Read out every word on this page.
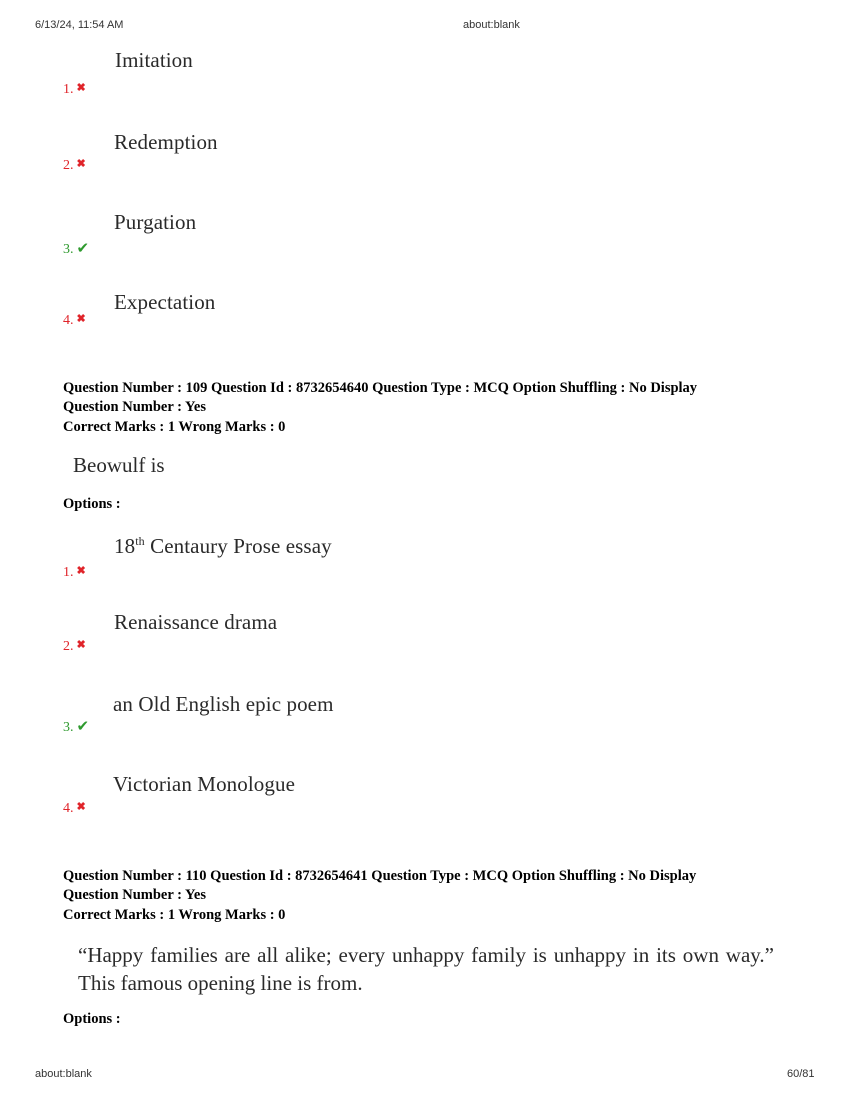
6/13/24, 11:54 AM	about:blank
Imitation
1. ✖
Redemption
2. ✖
Purgation
3. ✔
Expectation
4. ✖
Question Number : 109 Question Id : 8732654640 Question Type : MCQ Option Shuffling : No Display
Question Number : Yes
Correct Marks : 1 Wrong Marks : 0
Beowulf is
Options :
18th Centaury Prose essay
1. ✖
Renaissance drama
2. ✖
an Old English epic poem
3. ✔
Victorian Monologue
4. ✖
Question Number : 110 Question Id : 8732654641 Question Type : MCQ Option Shuffling : No Display
Question Number : Yes
Correct Marks : 1 Wrong Marks : 0
“Happy families are all alike; every unhappy family is unhappy in its own way.” This famous opening line is from.
Options :
about:blank	60/81
